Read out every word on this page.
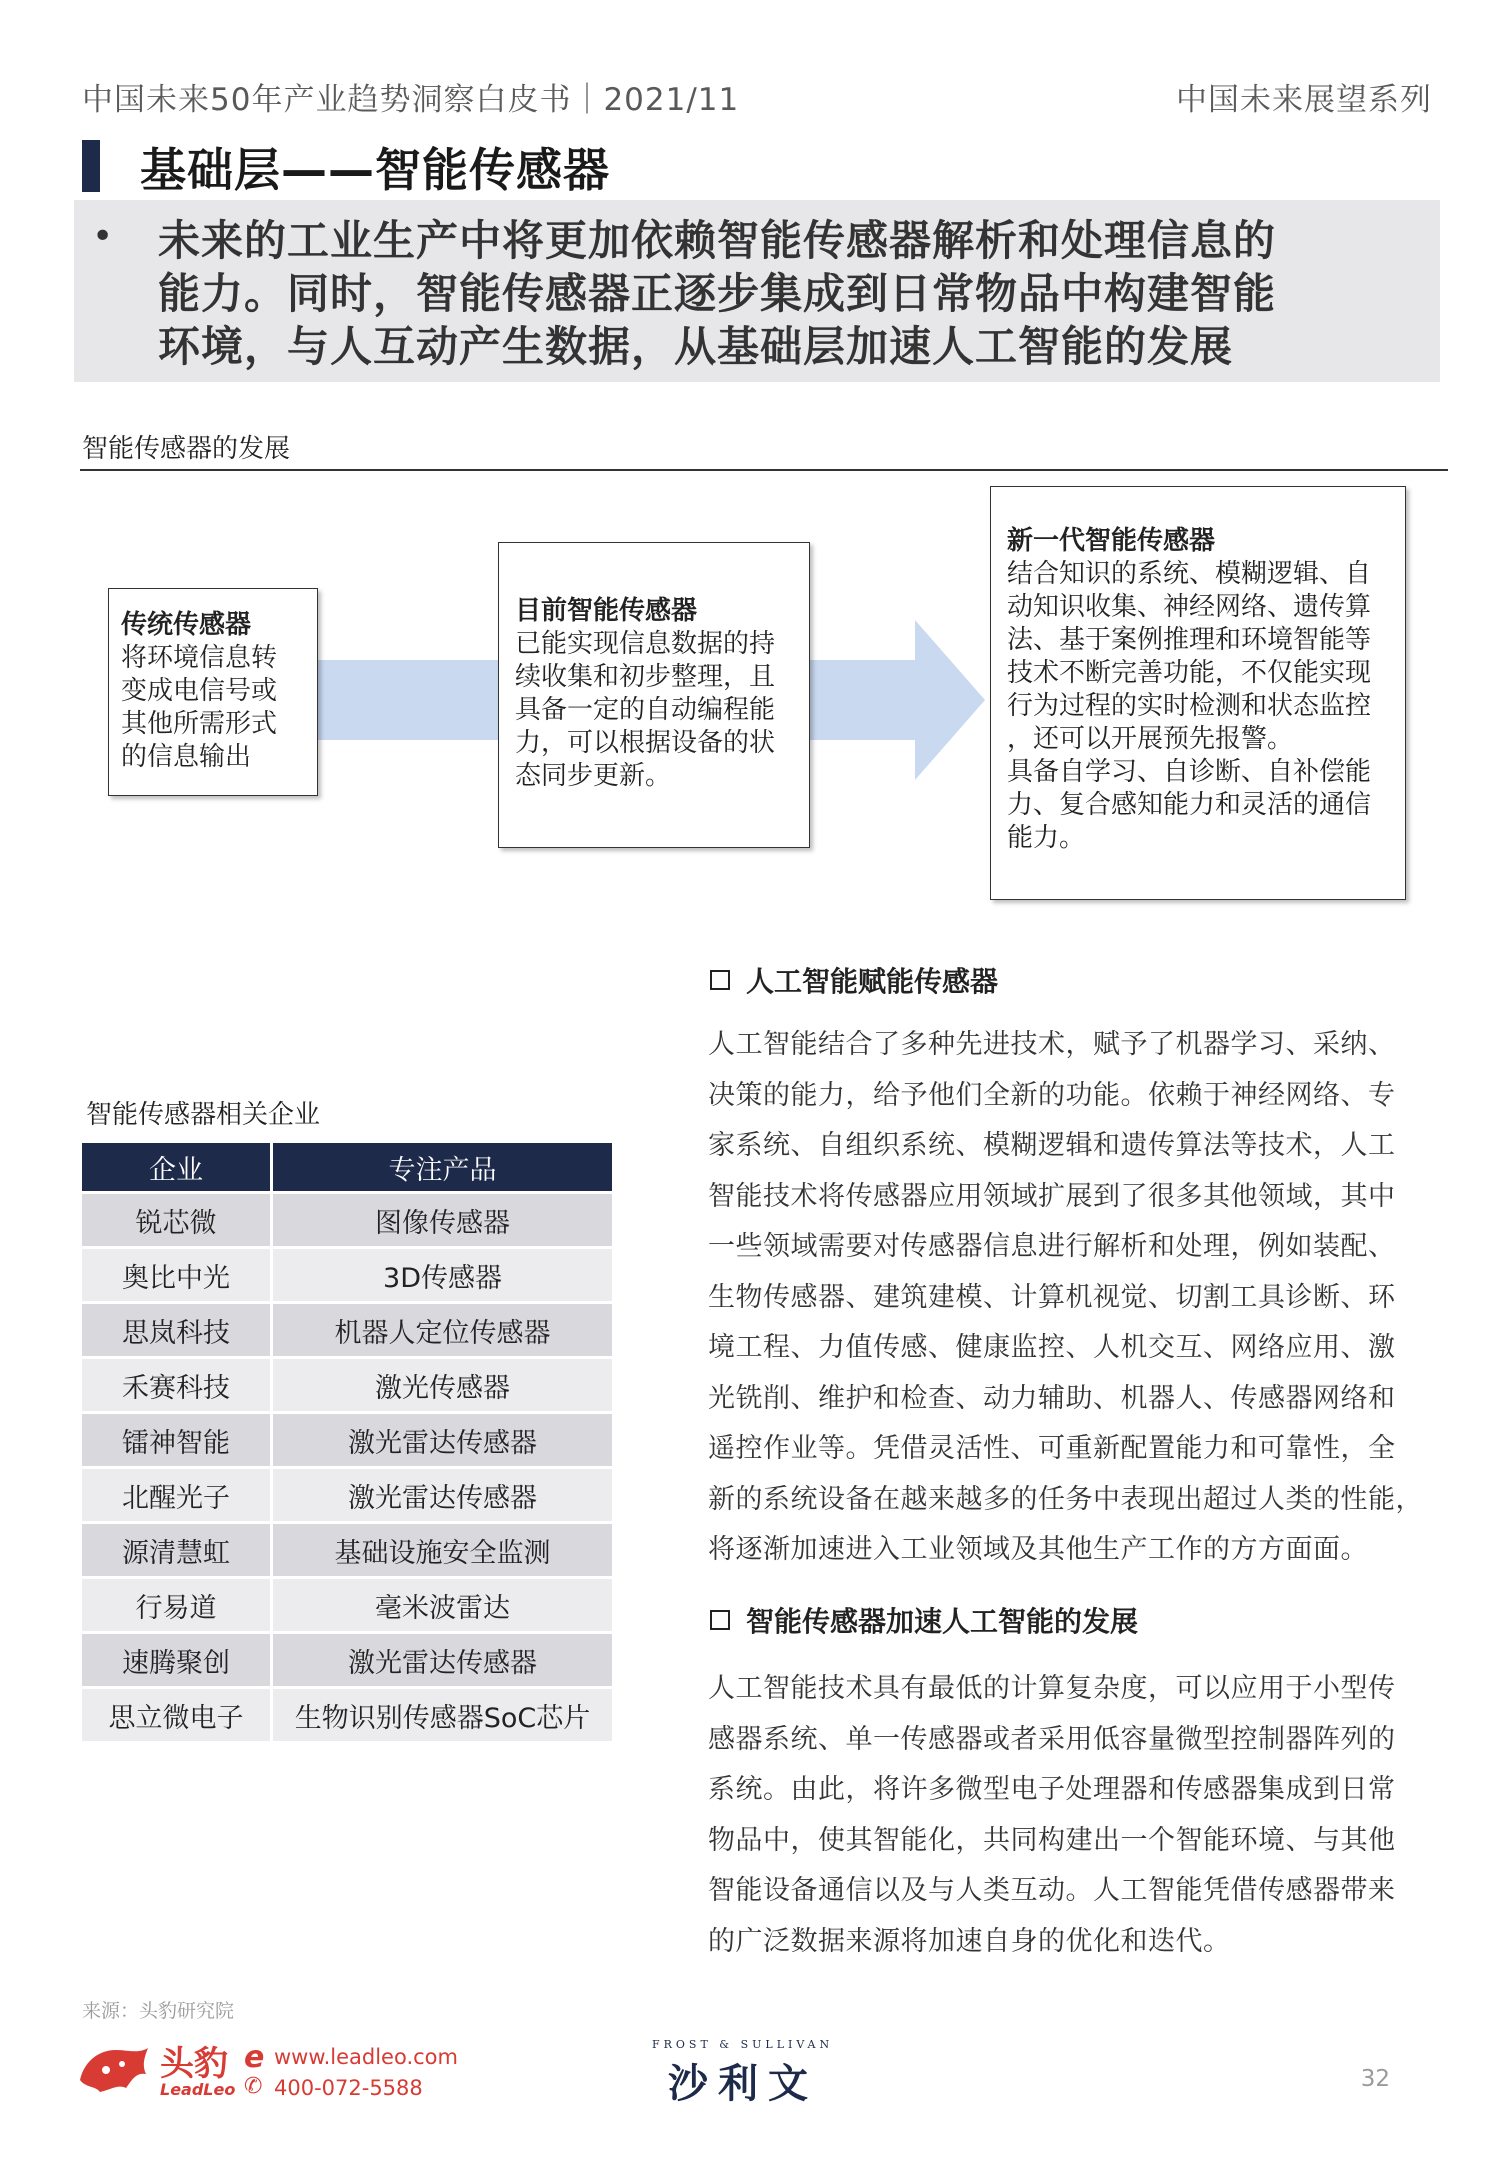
中国未来50年产业趋势洞察白皮书｜2021/11	中国未来展望系列
基础层——智能传感器
• 未来的工业生产中将更加依赖智能传感器解析和处理信息的
能力。同时，智能传感器正逐步集成到日常物品中构建智能
环境，与人互动产生数据，从基础层加速人工智能的发展
智能传感器的发展
传统传感器
将环境信息转
变成电信号或
其他所需形式
的信息输出
目前智能传感器
已能实现信息数据的持
续收集和初步整理，且
具备一定的自动编程能
力，可以根据设备的状
态同步更新。
新一代智能传感器
结合知识的系统、模糊逻辑、自
动知识收集、神经网络、遗传算
法、基于案例推理和环境智能等
技术不断完善功能，不仅能实现
行为过程的实时检测和状态监控
，还可以开展预先报警。
具备自学习、自诊断、自补偿能
力、复合感知能力和灵活的通信
能力。
智能传感器相关企业
企业	专注产品
锐芯微	图像传感器
奥比中光	3D传感器
思岚科技	机器人定位传感器
禾赛科技	激光传感器
镭神智能	激光雷达传感器
北醒光子	激光雷达传感器
源清慧虹	基础设施安全监测
行易道	毫米波雷达
速腾聚创	激光雷达传感器
思立微电子	生物识别传感器SoC芯片
人工智能赋能传感器
人工智能结合了多种先进技术，赋予了机器学习、采纳、
决策的能力，给予他们全新的功能。依赖于神经网络、专
家系统、自组织系统、模糊逻辑和遗传算法等技术，人工
智能技术将传感器应用领域扩展到了很多其他领域，其中
一些领域需要对传感器信息进行解析和处理，例如装配、
生物传感器、建筑建模、计算机视觉、切割工具诊断、环
境工程、力值传感、健康监控、人机交互、网络应用、激
光铣削、维护和检查、动力辅助、机器人、传感器网络和
遥控作业等。凭借灵活性、可重新配置能力和可靠性，全
新的系统设备在越来越多的任务中表现出超过人类的性能，
将逐渐加速进入工业领域及其他生产工作的方方面面。
智能传感器加速人工智能的发展
人工智能技术具有最低的计算复杂度，可以应用于小型传
感器系统、单一传感器或者采用低容量微型控制器阵列的
系统。由此，将许多微型电子处理器和传感器集成到日常
物品中，使其智能化，共同构建出一个智能环境、与其他
智能设备通信以及与人类互动。人工智能凭借传感器带来
的广泛数据来源将加速自身的优化和迭代。
来源：头豹研究院
头豹
LeadLeo
e www.leadleo.com
✆ 400-072-5588
FROST & SULLIVAN
沙利文	32
